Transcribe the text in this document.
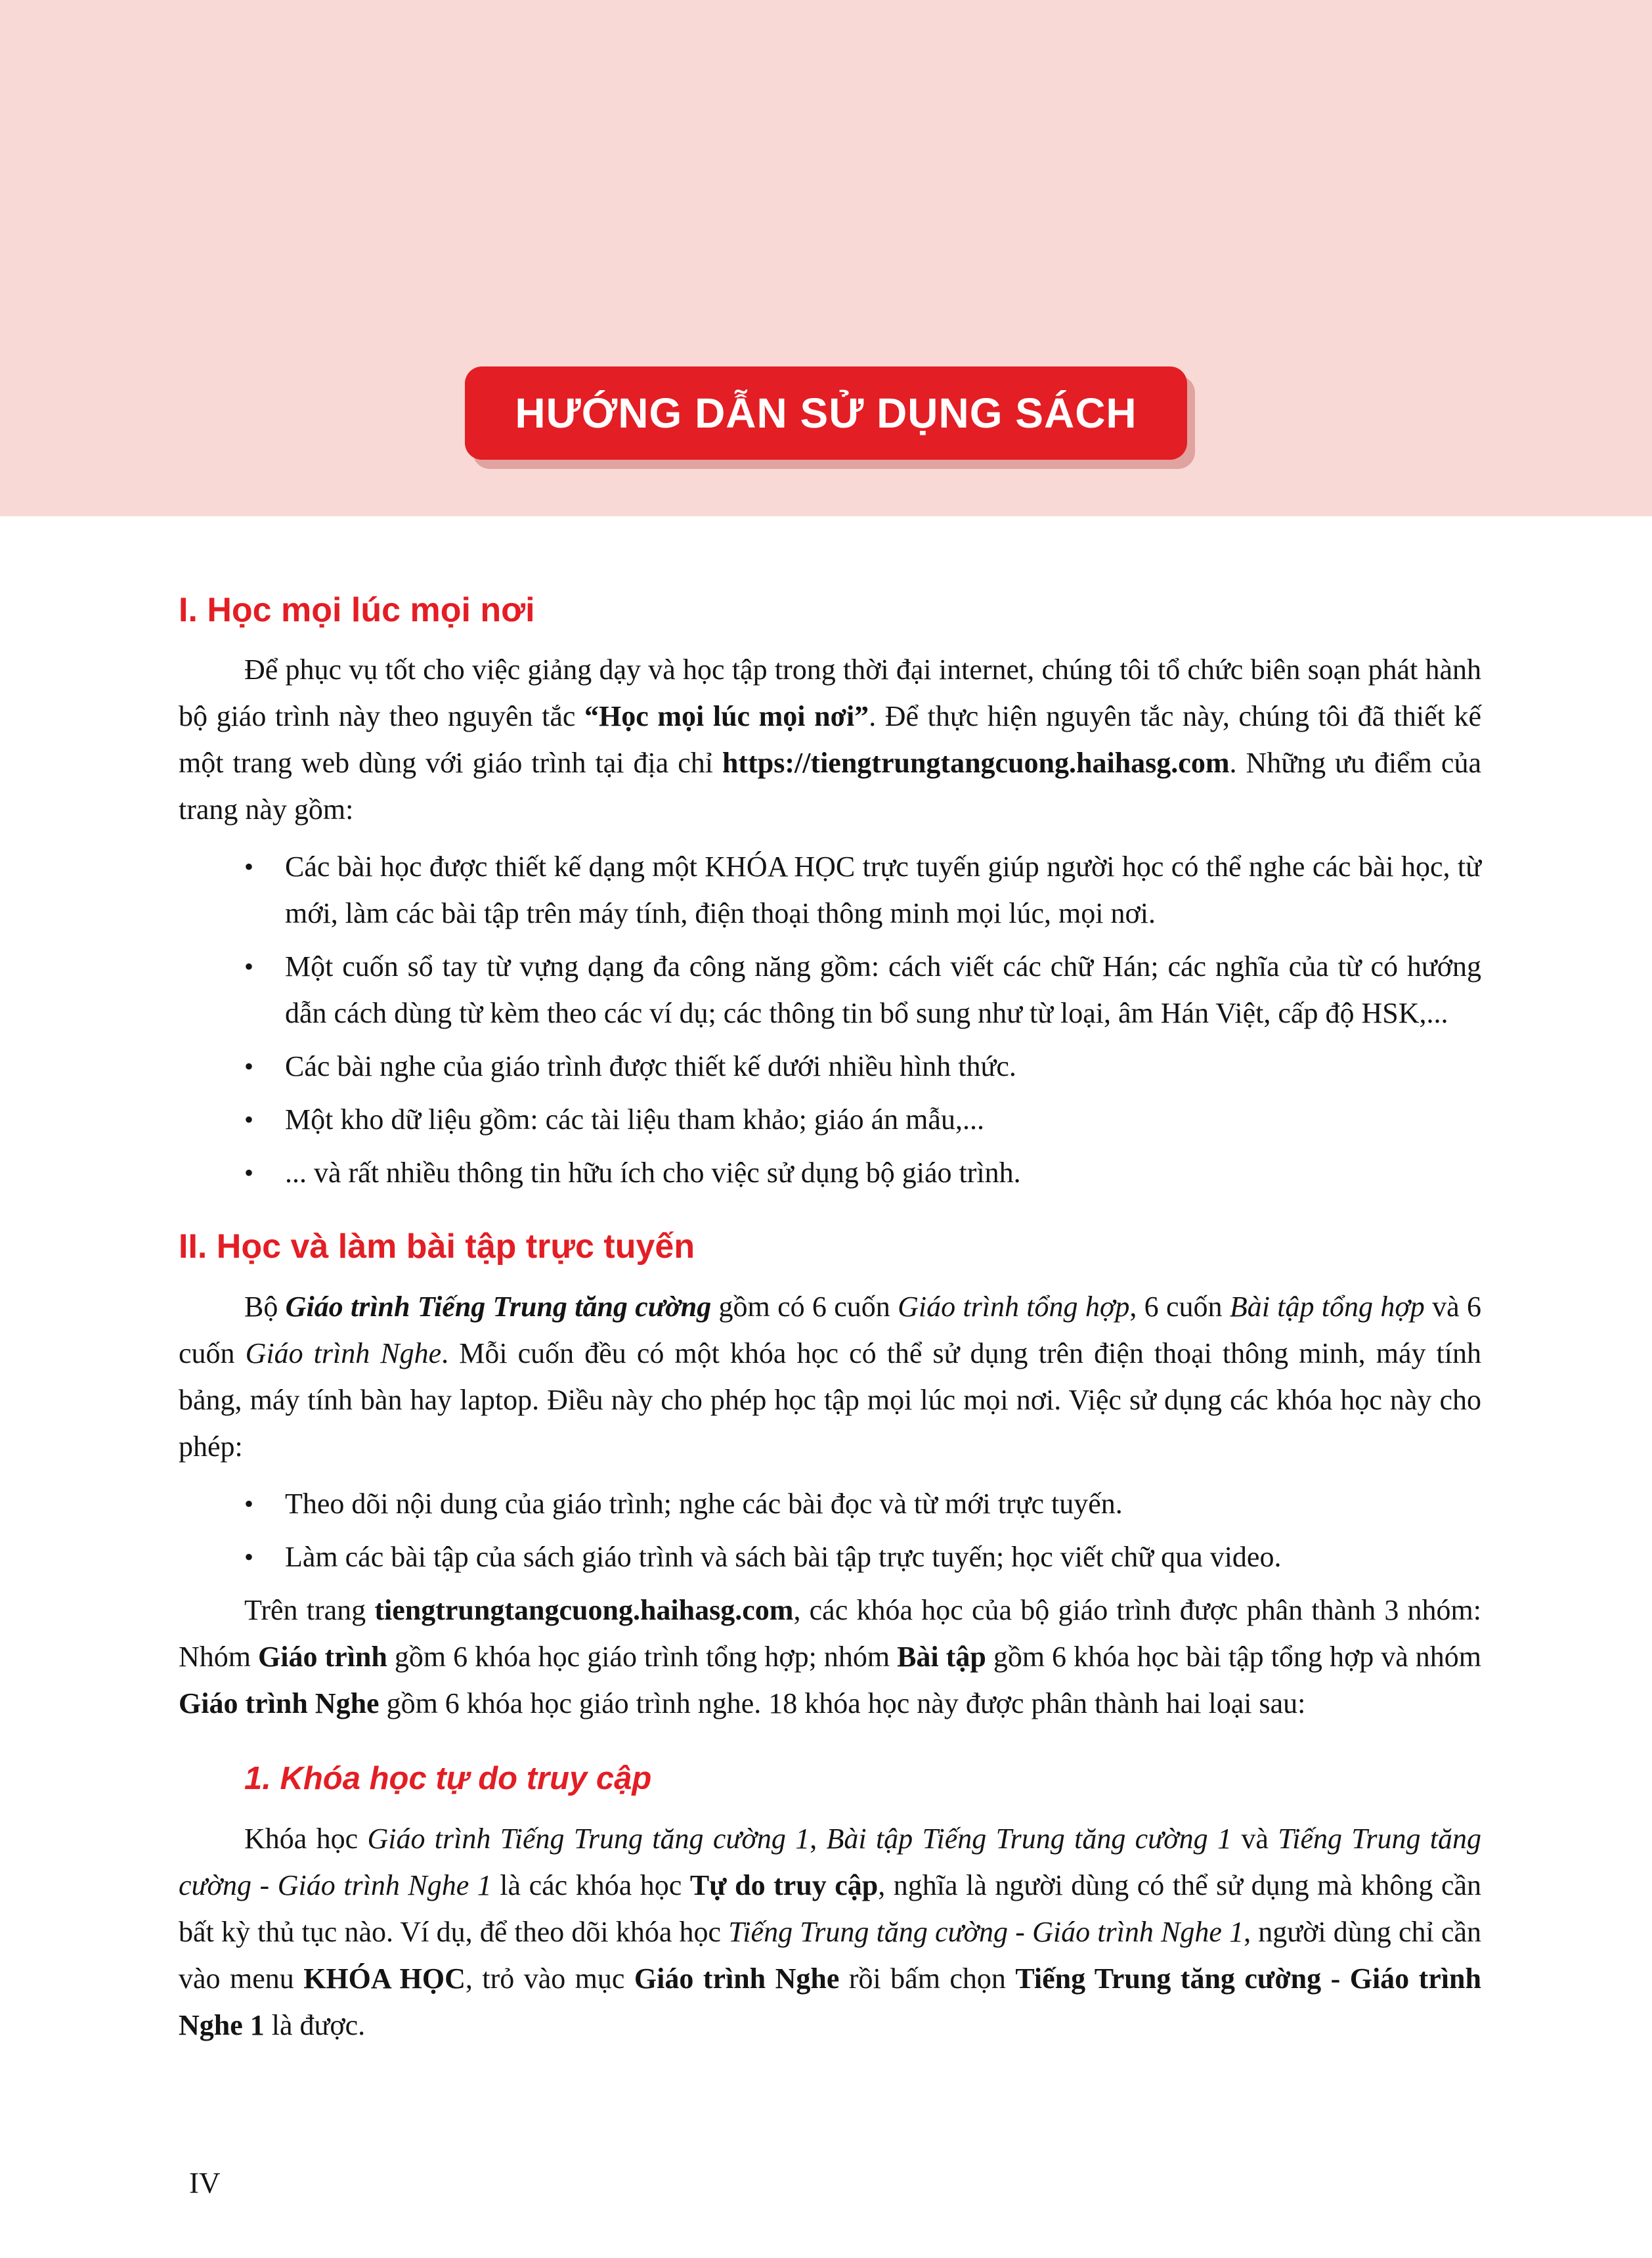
HƯỚNG DẪN SỬ DỤNG SÁCH
I. Học mọi lúc mọi nơi

Để phục vụ tốt cho việc giảng dạy và học tập trong thời đại internet, chúng tôi tổ chức biên soạn phát hành bộ giáo trình này theo nguyên tắc “Học mọi lúc mọi nơi”. Để thực hiện nguyên tắc này, chúng tôi đã thiết kế một trang web dùng với giáo trình tại địa chỉ https://tiengtrungtangcuong.haihasg.com. Những ưu điểm của trang này gồm:

•	Các bài học được thiết kế dạng một KHÓA HỌC trực tuyến giúp người học có thể nghe các bài học, từ mới, làm các bài tập trên máy tính, điện thoại thông minh mọi lúc, mọi nơi.
•	Một cuốn sổ tay từ vựng dạng đa công năng gồm: cách viết các chữ Hán; các nghĩa của từ có hướng dẫn cách dùng từ kèm theo các ví dụ; các thông tin bổ sung như từ loại, âm Hán Việt, cấp độ HSK,...
•	Các bài nghe của giáo trình được thiết kế dưới nhiều hình thức.
•	Một kho dữ liệu gồm: các tài liệu tham khảo; giáo án mẫu,...
•	... và rất nhiều thông tin hữu ích cho việc sử dụng bộ giáo trình.
II. Học và làm bài tập trực tuyến

Bộ Giáo trình Tiếng Trung tăng cường gồm có 6 cuốn Giáo trình tổng hợp, 6 cuốn Bài tập tổng hợp và 6 cuốn Giáo trình Nghe. Mỗi cuốn đều có một khóa học có thể sử dụng trên điện thoại thông minh, máy tính bảng, máy tính bàn hay laptop. Điều này cho phép học tập mọi lúc mọi nơi. Việc sử dụng các khóa học này cho phép:

•	Theo dõi nội dung của giáo trình; nghe các bài đọc và từ mới trực tuyến.
•	Làm các bài tập của sách giáo trình và sách bài tập trực tuyến; học viết chữ qua video.

Trên trang tiengtrungtangcuong.haihasg.com, các khóa học của bộ giáo trình được phân thành 3 nhóm: Nhóm Giáo trình gồm 6 khóa học giáo trình tổng hợp; nhóm Bài tập gồm 6 khóa học bài tập tổng hợp và nhóm Giáo trình Nghe gồm 6 khóa học giáo trình nghe. 18 khóa học này được phân thành hai loại sau:

1. Khóa học tự do truy cập

Khóa học Giáo trình Tiếng Trung tăng cường 1, Bài tập Tiếng Trung tăng cường 1 và Tiếng Trung tăng cường - Giáo trình Nghe 1 là các khóa học Tự do truy cập, nghĩa là người dùng có thể sử dụng mà không cần bất kỳ thủ tục nào. Ví dụ, để theo dõi khóa học Tiếng Trung tăng cường - Giáo trình Nghe 1, người dùng chỉ cần vào menu KHÓA HỌC, trỏ vào mục Giáo trình Nghe rồi bấm chọn Tiếng Trung tăng cường - Giáo trình Nghe 1 là được.

IV
